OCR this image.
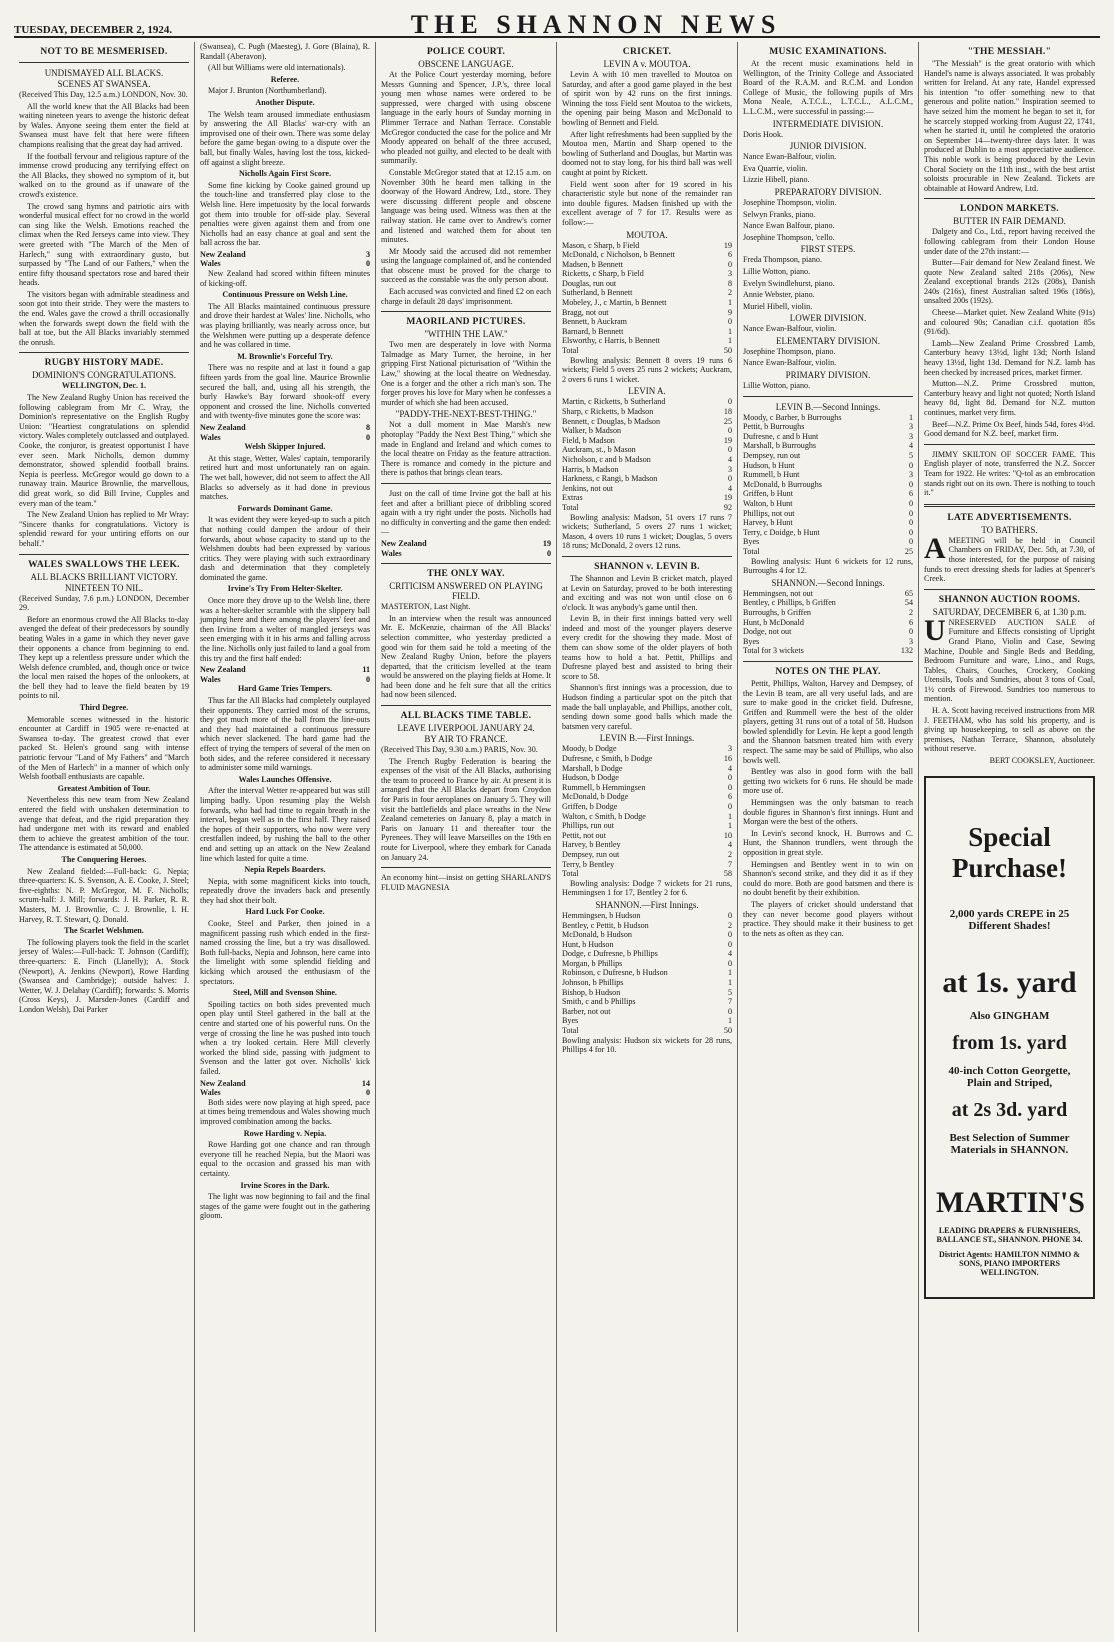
TUESDAY, DECEMBER 2, 1924.	THE SHANNON NEWS
NOT TO BE MESMERISED.
UNDISMAYED ALL BLACKS.
SCENES AT SWANSEA.

(Received This Day, 12.5 a.m.) LONDON, Nov. 30.

All the world knew that the All Blacks had been waiting nineteen years to avenge the historic defeat by Wales. Anyone seeing them enter the field at Swansea must have felt that here were fifteen champions realising that the great day had arrived.

If the football fervour and religious rapture of the immense crowd producing any terrifying effect on the All Blacks, they showed no symptom of it, but walked on to the ground as if unaware of the crowd's existence.

The crowd sang hymns and patriotic airs with wonderful musical effect for no crowd in the world can sing like the Welsh. Emotions reached the climax when the Red Jerseys came into view. They were greeted with "The March of the Men of Harlech," sung with extraordinary gusto, but surpassed by "The Land of our Fathers," when the entire fifty thousand spectators rose and bared their heads.

The visitors began with admirable steadiness and soon got into their stride. They were the masters to the end. Wales gave the crowd a thrill occasionally when the forwards swept down the field with the ball at toe, but the All Blacks invariably stemmed the onrush.

RUGBY HISTORY MADE.
DOMINION'S CONGRATULATIONS.

WELLINGTON, Dec. 1.

The New Zealand Rugby Union has received the following cablegram from Mr C. Wray, the Dominion's representative on the English Rugby Union: "Heartiest congratulations on splendid victory. Wales completely outclassed and outplayed. Cooke, the conjuror, is greatest opportunist I have ever seen. Mark Nicholls, demon dummy demonstrator, showed splendid football brains. Nepia is peerless. McGregor would go down to a runaway train. Maurice Brownlie, the marvellous, did great work, so did Bill Irvine, Cupples and every man of the team."

The New Zealand Union has replied to Mr Wray: "Sincere thanks for congratulations. Victory is splendid reward for your untiring efforts on our behalf."

WALES SWALLOWS THE LEEK.
ALL BLACKS BRILLIANT VICTORY.
NINETEEN TO NIL.

(Received Sunday, 7.6 p.m.) LONDON, December 29.

Before an enormous crowd the All Blacks to-day avenged the defeat of their predecessors by soundly beating Wales in a game in which they never gave their opponents a chance from beginning to end. They kept up a relentless pressure under which the Welsh defence crumbled, and, though once or twice the local men raised the hopes of the onlookers, at the bell they had to leave the field beaten by 19 points to nil.

Third Degree.

Memorable scenes witnessed in the historic encounter at Cardiff in 1905 were re-enacted at Swansea to-day. The greatest crowd that ever packed St. Helen's ground sang with intense patriotic fervour "Land of My Fathers" and "March of the Men of Harlech" in a manner of which only Welsh football enthusiasts are capable.

Greatest Ambition of Tour.

Nevertheless this new team from New Zealand entered the field with unshaken determination to avenge that defeat, and the rigid preparation they had undergone met with its reward and enabled them to achieve the greatest ambition of the tour. The attendance is estimated at 50,000.

The Conquering Heroes.

New Zealand fielded:—Full-back: G. Nepia; three-quarters: K. S. Svenson, A. E. Cooke, J. Steel; five-eighths: N. P. McGregor, M. F. Nicholls; scrum-half: J. Mill; forwards: J. H. Parker, R. R. Masters, M. J. Brownlie, C. J. Brownlie, I. H. Harvey, R. T. Stewart, Q. Donald.

The Scarlet Welshmen.

The following players took the field in the scarlet jersey of Wales:—Full-back: T. Johnson (Cardiff); three-quarters: E. Finch (Llanelly); A. Stock (Newport), A. Jenkins (Newport), Rowe Harding (Swansea and Cambridge); outside halves: J. Wetter, W. J. Delahay (Cardiff); forwards: S. Morris (Cross Keys), J. Marsden-Jones (Cardiff and London Welsh), Dai Parker

(Swansea), C. Pugh (Maesteg), J. Gore (Blaina), R. Randall (Aberavon).

(All but Williams were old internationals).

Referee.

Major J. Brunton (Northumberland).

Another Dispute.

The Welsh team aroused immediate enthusiasm by answering the All Blacks' war-cry with an improvised one of their own. There was some delay before the game began owing to a dispute over the ball, but finally Wales, having lost the toss, kicked-off against a slight breeze.

Nicholls Again First Score.

Some fine kicking by Cooke gained ground up the touch-line and transferred play close to the Welsh line. Here impetuosity by the local forwards got them into trouble for off-side play. Several penalties were given against them and from one Nicholls had an easy chance at goal and sent the ball across the bar.

New Zealand	3
Wales	0

New Zealand had scored within fifteen minutes of kicking-off.

Continuous Pressure on Welsh Line.

The All Blacks maintained continuous pressure and drove their hardest at Wales' line. Nicholls, who was playing brilliantly, was nearly across once, but the Welshmen were putting up a desperate defence and he was collared in time.

M. Brownlie's Forceful Try.

There was no respite and at last it found a gap fifteen yards from the goal line. Maurice Brownlie secured the ball, and, using all his strength, the burly Hawke's Bay forward shook-off every opponent and crossed the line. Nicholls converted and with twenty-five minutes gone the score was:

New Zealand	8
Wales	0

Welsh Skipper Injured.

At this stage, Wetter, Wales' captain, temporarily retired hurt and most unfortunately ran on again. The wet ball, however, did not seem to affect the All Blacks so adversely as it had done in previous matches.

Forwards Dominant Game.

It was evident they were keyed-up to such a pitch that nothing could dampen the ardour of their forwards, about whose capacity to stand up to the Welshmen doubts had been expressed by various critics. They were playing with such extraordinary dash and determination that they completely dominated the game.

Irvine's Try From Helter-Skelter.

Once more they drove up to the Welsh line, there was a helter-skelter scramble with the slippery ball jumping here and there among the players' feet and then Irvine from a welter of mangled jerseys was seen emerging with it in his arms and falling across the line. Nicholls only just failed to land a goal from this try and the first half ended:

New Zealand	11
Wales	0

Hard Game Tries Tempers.

Thus far the All Blacks had completely outplayed their opponents. They carried most of the scrums, they got much more of the ball from the line-outs and they had maintained a continuous pressure which never slackened. The hard game had the effect of trying the tempers of several of the men on both sides, and the referee considered it necessary to administer some mild warnings.

Wales Launches Offensive.

After the interval Wetter re-appeared but was still limping badly. Upon resuming play the Welsh forwards, who had had time to regain breath in the interval, began well as in the first half. They raised the hopes of their supporters, who now were very crestfallen indeed, by rushing the ball to the other end and setting up an attack on the New Zealand line which lasted for quite a time.

Nepia Repels Boarders.

Nepia, with some magnificent kicks into touch, repeatedly drove the invaders back and presently they had shot their bolt.

Hard Luck For Cooke.

Cooke, Steel and Parker, then joined in a magnificent passing rush which ended in the first-named crossing the line, but a try was disallowed. Both full-backs, Nepia and Johnson, here came into the limelight with some splendid fielding and kicking which aroused the enthusiasm of the spectators.

Steel, Mill and Svenson Shine.

Spoiling tactics on both sides prevented much open play until Steel gathered in the ball at the centre and started one of his powerful runs. On the verge of crossing the line he was pushed into touch when a try looked certain. Here Mill cleverly worked the blind side, passing with judgment to Svenson and the latter got over. Nicholls' kick failed.

New Zealand	14
Wales	0

Both sides were now playing at high speed, pace at times being tremendous and Wales showing much improved combination among the backs.

Rowe Harding v. Nepia.

Rowe Harding got one chance and ran through everyone till he reached Nepia, but the Maori was equal to the occasion and grassed his man with certainty.

Irvine Scores in the Dark.

The light was now beginning to fail and the final stages of the game were fought out in the gathering gloom.

POLICE COURT.
OBSCENE LANGUAGE.

At the Police Court yesterday morning, before Messrs Gunning and Spencer, J.P.'s, three local young men whose names were ordered to be suppressed, were charged with using obscene language in the early hours of Sunday morning in Plimmer Terrace and Nathan Terrace. Constable McGregor conducted the case for the police and Mr Moody appeared on behalf of the three accused, who pleaded not guilty, and elected to be dealt with summarily.

Constable McGregor stated that at 12.15 a.m. on November 30th he heard men talking in the doorway of the Howard Andrew, Ltd., store. They were discussing different people and obscene language was being used. Witness was then at the railway station. He came over to Andrew's corner and listened and watched them for about ten minutes.

Mr Moody said the accused did not remember using the language complained of, and he contended that obscene must be proved for the charge to succeed as the constable was the only person about.

Each accused was convicted and fined £2 on each charge in default 28 days' imprisonment.

MAORILAND PICTURES.
"WITHIN THE LAW."

Two men are desperately in love with Norma Talmadge as Mary Turner, the heroine, in her gripping First National picturisation of "Within the Law," showing at the local theatre on Wednesday. One is a forger and the other a rich man's son. The forger proves his love for Mary when he confesses a murder of which she had been accused.

"PADDY-THE-NEXT-BEST-THING."

Not a dull moment in Mae Marsh's new photoplay "Paddy the Next Best Thing," which she made in England and Ireland and which comes to the local theatre on Friday as the feature attraction. There is romance and comedy in the picture and there is pathos that brings clean tears.

Just on the call of time Irvine got the ball at his feet and after a brilliant piece of dribbling scored again with a try right under the posts. Nicholls had no difficulty in converting and the game then ended:—

New Zealand	19
Wales	0
THE ONLY WAY.
CRITICISM ANSWERED ON PLAYING FIELD.

MASTERTON, Last Night.

In an interview when the result was announced Mr. E. McKenzie, chairman of the All Blacks' selection committee, who yesterday predicted a good win for them said he told a meeting of the New Zealand Rugby Union, before the players departed, that the criticism levelled at the team would be answered on the playing fields at Home. It had been done and he felt sure that all the critics had now been silenced.

ALL BLACKS TIME TABLE.
LEAVE LIVERPOOL JANUARY 24.
BY AIR TO FRANCE.

(Received This Day, 9.30 a.m.) PARIS, Nov. 30.

The French Rugby Federation is bearing the expenses of the visit of the All Blacks, authorising the team to proceed to France by air. At present it is arranged that the All Blacks depart from Croydon for Paris in four aeroplanes on January 5. They will visit the battlefields and place wreaths in the New Zealand cemeteries on January 8, play a match in Paris on January 11 and thereafter tour the Pyrenees. They will leave Marseilles on the 19th en route for Liverpool, where they embark for Canada on January 24.

An economy hint—insist on getting SHARLAND'S FLUID MAGNESIA

CRICKET.
LEVIN A v. MOUTOA.

Levin A with 10 men travelled to Moutoa on Saturday, and after a good game played in the best of spirit won by 42 runs on the first innings. Winning the toss Field sent Moutoa to the wickets, the opening pair being Mason and McDonald to bowling of Bennett and Field.

After light refreshments had been supplied by the Moutoa men, Martin and Sharp opened to the bowling of Sutherland and Douglas, but Martin was doomed not to stay long, for his third ball was well caught at point by Rickett.

Field went soon after for 19 scored in his characteristic style but none of the remainder ran into double figures. Madsen finished up with the excellent average of 7 for 17. Results were as follow:—

MOUTOA.
Mason, c Sharp, b Field	19
McDonald, c Nicholson, b Bennett	6
Madsen, b Bennett	0
Ricketts, c Sharp, b Field	3
Douglas, run out	8
Sutherland, b Bennett	2
Mobeley, J., c Martin, b Bennett	1
Bragg, not out	9
Bennett, b Auckram	0
Barnard, b Bennett	1
Elsworthy, c Harris, b Bennett	1
Total	50

Bowling analysis: Bennett 8 overs 19 runs 6 wickets; Field 5 overs 25 runs 2 wickets; Auckram, 2 overs 6 runs 1 wicket.

LEVIN A.
Martin, c Ricketts, b Sutherland	0
Sharp, c Ricketts, b Madson	18
Bennett, c Douglas, b Madson	25
Walker, b Madson	0
Field, b Madson	19
Auckram, st., b Mason	0
Nicholson, c and b Madson	4
Harris, b Madson	3
Harkness, c Rangi, b Madson	0
Jenkins, not out	4
Extras	19
Total	92

Bowling analysis: Madson, 51 overs 17 runs 7 wickets; Sutherland, 5 overs 27 runs 1 wicket; Mason, 4 overs 10 runs 1 wicket; Douglas, 5 overs 18 runs; McDonald, 2 overs 12 runs.

SHANNON v. LEVIN B.

The Shannon and Levin B cricket match, played at Levin on Saturday, proved to be both interesting and exciting and was not won until close on 6 o'clock. It was anybody's game until then.

Levin B, in their first innings batted very well indeed and most of the younger players deserve every credit for the showing they made. Most of them can show some of the older players of both teams how to hold a bat. Pettit, Phillips and Dufresne played best and assisted to bring their score to 58.

Shannon's first innings was a procession, due to Hudson finding a particular spot on the pitch that made the ball unplayable, and Phillips, another colt, sending down some good balls which made the batsmen very careful.

LEVIN B.—First Innings.
Moody, b Dodge	3
Dufresne, c Smith, b Dodge	16
Marshall, b Dodge	4
Hudson, b Dodge	0
Rummell, b Hemmingsen	0
McDonald, b Dodge	6
Griffen, b Dodge	0
Walton, c Smith, b Dodge	1
Phillips, run out	1
Pettit, not out	10
Harvey, b Bentley	4
Dempsey, run out	2
Terry, b Bentley	7
Total	58

Bowling analysis: Dodge 7 wickets for 21 runs, Hemmingsen 1 for 17, Bentley 2 for 6.

SHANNON.—First Innings.
Hemmingsen, b Hudson	0
Bentley, c Pettit, b Hudson	2
McDonald, b Hudson	0
Hunt, b Hudson	0
Dodge, c Dufresne, b Phillips	4
Morgan, b Phillips	0
Robinson, c Dufresne, b Hudson	1
Johnson, b Phillips	1
Bishop, b Hudson	5
Smith, c and b Phillips	7
Barber, not out	0
Byes	1
Total	50

Bowling analysis: Hudson six wickets for 28 runs, Phillips 4 for 10.

MUSIC EXAMINATIONS.

At the recent music examinations held in Wellington, of the Trinity College and Associated Board of the R.A.M. and R.C.M. and London College of Music, the following pupils of Mrs Mona Neale, A.T.C.L., L.T.C.L., A.L.C.M., L.L.C.M., were successful in passing:—

INTERMEDIATE DIVISION.

Doris Hook.

JUNIOR DIVISION.

Nance Ewan-Balfour, violin.

Eva Quarrie, violin.

Lizzie Hibell, piano.

PREPARATORY DIVISION.

Josephine Thompson, violin.

Selwyn Franks, piano.

Nance Ewan Balfour, piano.

Josephine Thompson, 'cello.

FIRST STEPS.

Freda Thompson, piano.

Lillie Wotton, piano.

Evelyn Swindlehurst, piano.

Annie Webster, piano.

Muriel Hibell, violin.

LOWER DIVISION.

Nance Ewan-Balfour, violin.

ELEMENTARY DIVISION.

Josephine Thompson, piano.

Nance Ewan-Balfour, violin.

PRIMARY DIVISION.

Lillie Wotton, piano.

LEVIN B.—Second Innings.
Moody, c Barber, b Burroughs	1
Pettit, b Burroughs	3
Dufresne, c and b Hunt	3
Marshall, b Burroughs	4
Dempsey, run out	5
Hudson, b Hunt	0
Rummell, b Hunt	3
McDonald, b Burroughs	0
Griffen, b Hunt	6
Walton, b Hunt	0
Phillips, not out	0
Harvey, b Hunt	0
Terry, c Doidge, b Hunt	0
Byes	0
Total	25

Bowling analysis: Hunt 6 wickets for 12 runs, Burroughs 4 for 12.

SHANNON.—Second Innings.
Hemmingsen, not out	65
Bentley, c Phillips, b Griffen	54
Burroughs, b Griffen	2
Hunt, b McDonald	6
Dodge, not out	0
Byes	3
Total for 3 wickets	132
NOTES ON THE PLAY.

Pettit, Phillips, Walton, Harvey and Dempsey, of the Levin B team, are all very useful lads, and are sure to make good in the cricket field. Dufresne, Griffen and Rummell were the best of the older players, getting 31 runs out of a total of 58. Hudson bowled splendidly for Levin. He kept a good length and the Shannon batsmen treated him with every respect. The same may be said of Phillips, who also bowls well.

Bentley was also in good form with the ball getting two wickets for 6 runs. He should be made more use of.

Hemmingsen was the only batsman to reach double figures in Shannon's first innings. Hunt and Morgan were the best of the others.

In Levin's second knock, H. Burrows and C. Hunt, the Shannon trundlers, went through the opposition in great style.

Hemingsen and Bentley went in to win on Shannon's second strike, and they did it as if they could do more. Both are good batsmen and there is no doubt benefit by their exhibition.

The players of cricket should understand that they can never become good players without practice. They should make it their business to get to the nets as often as they can.

"THE MESSIAH."

"The Messiah" is the great oratorio with which Handel's name is always associated. It was probably written for Ireland. At any rate, Handel expressed his intention "to offer something new to that generous and polite nation." Inspiration seemed to have seized him the moment he began to set it, for he scarcely stopped working from August 22, 1741, when he started it, until he completed the oratorio on September 14—twenty-three days later. It was produced at Dublin to a most appreciative audience. This noble work is being produced by the Levin Choral Society on the 11th inst., with the best artist soloists procurable in New Zealand. Tickets are obtainable at Howard Andrew, Ltd.

LONDON MARKETS.
BUTTER IN FAIR DEMAND.

Dalgety and Co., Ltd., report having received the following cablegram from their London House under date of the 27th instant:—

Butter—Fair demand for New Zealand finest. We quote New Zealand salted 218s (206s), New Zealand exceptional brands 212s (208s), Danish 240s (216s), finest Australian salted 196s (186s), unsalted 200s (192s).

Cheese—Market quiet. New Zealand White (91s) and coloured 90s; Canadian c.i.f. quotation 85s (91/6d).

Lamb—New Zealand Prime Crossbred Lamb, Canterbury heavy 13½d, light 13d; North Island heavy 13½d, light 13d. Demand for N.Z. lamb has been checked by increased prices, market firmer.

Mutton—N.Z. Prime Crossbred mutton, Canterbury heavy and light not quoted; North Island heavy 8d, light 8d. Demand for N.Z. mutton continues, market very firm.

Beef—N.Z. Prime Ox Beef, hinds 54d, fores 4½d. Good demand for N.Z. beef, market firm.

JIMMY SKILTON OF SOCCER FAME. This English player of note, transferred the N.Z. Soccer Team for 1922. He writes: "Q-tol as an embrocation stands right out on its own. There is nothing to touch it."

LATE ADVERTISEMENTS.
TO BATHERS.

AMEETING will be held in Council Chambers on FRIDAY, Dec. 5th, at 7.30, of those interested, for the purpose of raising funds to erect dressing sheds for ladies at Spencer's Creek.

SHANNON AUCTION ROOMS.
SATURDAY, DECEMBER 6, at 1.30 p.m.

UNRESERVED AUCTION SALE of Furniture and Effects consisting of Upright Grand Piano, Violin and Case, Sewing Machine, Double and Single Beds and Bedding, Bedroom Furniture and ware, Lino., and Rugs, Tables, Chairs, Couches, Crockery, Cooking Utensils, Tools and Sundries, about 3 tons of Coal, 1½ cords of Firewood. Sundries too numerous to mention.

H. A. Scott having received instructions from MR J. FEETHAM, who has sold his property, and is giving up housekeeping, to sell as above on the premises, Nathan Terrace, Shannon, absolutely without reserve.

BERT COOKSLEY, Auctioneer.

Special Purchase!
2,000 yards CREPE in 25 Different Shades!
at 1s. yard
Also GINGHAM
from 1s. yard
40-inch Cotton Georgette, Plain and Striped,
at 2s 3d. yard
Best Selection of Summer Materials in SHANNON.
MARTIN'S
LEADING DRAPERS & FURNISHERS, BALLANCE ST., SHANNON. PHONE 34.
District Agents: HAMILTON NIMMO & SONS, PIANO IMPORTERS WELLINGTON.
